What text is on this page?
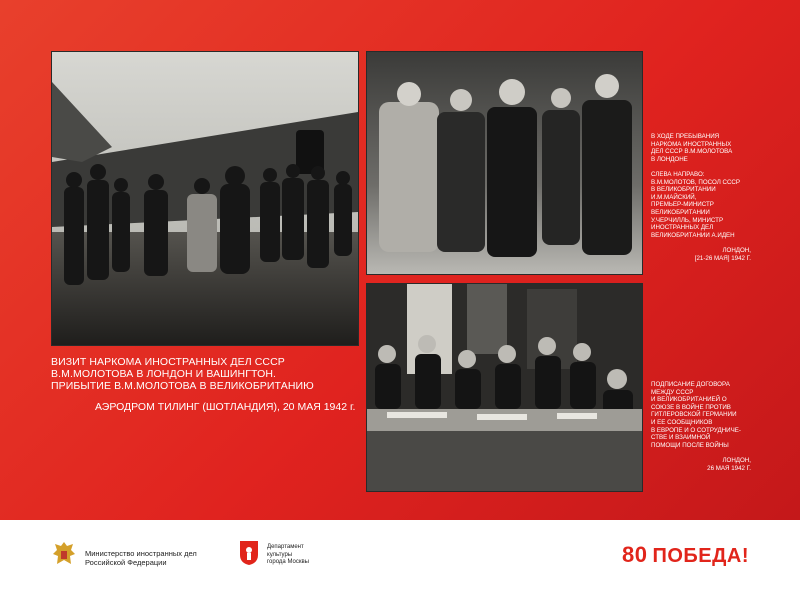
ВИЗИТ НАРКОМА ИНОСТРАННЫХ ДЕЛ СССР
В.М.МОЛОТОВА В ЛОНДОН И ВАШИНГТОН.
ПРИБЫТИЕ В.М.МОЛОТОВА В ВЕЛИКОБРИТАНИЮ
АЭРОДРОМ ТИЛИНГ (ШОТЛАНДИЯ), 20 МАЯ 1942 г.
В ХОДЕ ПРЕБЫВАНИЯ
НАРКОМА ИНОСТРАННЫХ
ДЕЛ СССР В.М.МОЛОТОВА
В ЛОНДОНЕ

СЛЕВА НАПРАВО:
В.М.МОЛОТОВ, ПОСОЛ СССР
В ВЕЛИКОБРИТАНИИ
И.М.МАЙСКИЙ,
ПРЕМЬЕР-МИНИСТР
ВЕЛИКОБРИТАНИИ
У.ЧЕРЧИЛЛЬ, МИНИСТР
ИНОСТРАННЫХ ДЕЛ
ВЕЛИКОБРИТАНИИ А.ИДЕН

ЛОНДОН,
[21-26 МАЯ] 1942 Г.
ПОДПИСАНИЕ ДОГОВОРА
МЕЖДУ СССР
И ВЕЛИКОБРИТАНИЕЙ О
СОЮЗЕ В ВОЙНЕ ПРОТИВ
ГИТЛЕРОВСКОЙ ГЕРМАНИИ
И ЕЕ СООБЩНИКОВ
В ЕВРОПЕ И О СОТРУДНИЧЕ-
СТВЕ И ВЗАИМНОЙ
ПОМОЩИ ПОСЛЕ ВОЙНЫ

ЛОНДОН,
26 МАЯ 1942 Г.
Министерство иностранных дел
Российской Федерации
Департамент
культуры
города Москвы	80 ПОБЕДА!
